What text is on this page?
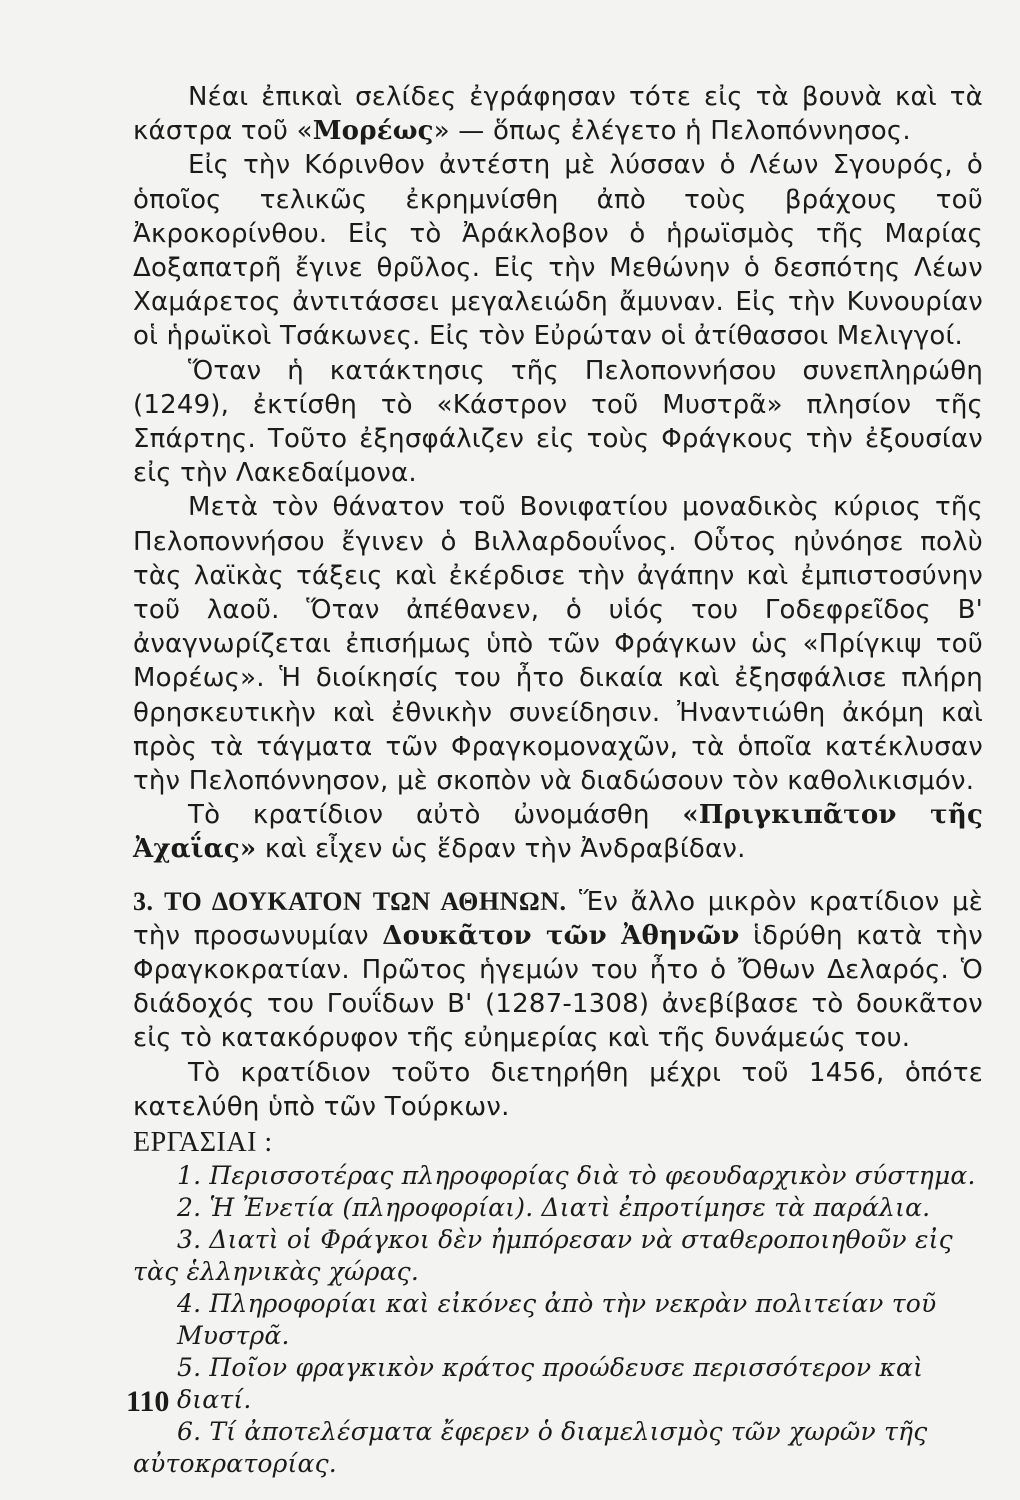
Νέαι ἐπικαὶ σελίδες ἐγράφησαν τότε εἰς τὰ βουνὰ καὶ τὰ κάστρα τοῦ «Μορέως» — ὅπως ἐλέγετο ἡ Πελοπόννησος.

Εἰς τὴν Κόρινθον ἀντέστη μὲ λύσσαν ὁ Λέων Σγουρός, ὁ ὁποῖος τελικῶς ἐκρημνίσθη ἀπὸ τοὺς βράχους τοῦ Ἀκροκορίνθου. Εἰς τὸ Ἀράκλοβον ὁ ἡρωϊσμὸς τῆς Μαρίας Δοξαπατρῆ ἔγινε θρῦλος. Εἰς τὴν Μεθώνην ὁ δεσπότης Λέων Χαμάρετος ἀντιτάσσει μεγαλειώδη ἄμυναν. Εἰς τὴν Κυνουρίαν οἱ ἡρωϊκοὶ Τσάκωνες. Εἰς τὸν Εὐρώταν οἱ ἀτίθασσοι Μελιγγοί.

Ὅταν ἡ κατάκτησις τῆς Πελοποννήσου συνεπληρώθη (1249), ἐκτίσθη τὸ «Κάστρον τοῦ Μυστρᾶ» πλησίον τῆς Σπάρτης. Τοῦτο ἐξησφάλιζεν εἰς τοὺς Φράγκους τὴν ἐξουσίαν εἰς τὴν Λακεδαίμονα.

Μετὰ τὸν θάνατον τοῦ Βονιφατίου μοναδικὸς κύριος τῆς Πελοποννήσου ἔγινεν ὁ Βιλλαρδουΐνος. Οὗτος ηὐνόησε πολὺ τὰς λαϊκὰς τάξεις καὶ ἐκέρδισε τὴν ἀγάπην καὶ ἐμπιστοσύνην τοῦ λαοῦ. Ὅταν ἀπέθανεν, ὁ υἱός του Γοδεφρεῖδος Β' ἀναγνωρίζεται ἐπισήμως ὑπὸ τῶν Φράγκων ὡς «Πρίγκιψ τοῦ Μορέως». Ἡ διοίκησίς του ἦτο δικαία καὶ ἐξησφάλισε πλήρη θρησκευτικὴν καὶ ἐθνικὴν συνείδησιν. Ἠναντιώθη ἀκόμη καὶ πρὸς τὰ τάγματα τῶν Φραγκομοναχῶν, τὰ ὁποῖα κατέκλυσαν τὴν Πελοπόννησον, μὲ σκοπὸν νὰ διαδώσουν τὸν καθολικισμόν.

Τὸ κρατίδιον αὐτὸ ὠνομάσθη «Πριγκιπᾶτον τῆς Ἀχαΐας» καὶ εἶχεν ὡς ἕδραν τὴν Ἀνδραβίδαν.

3. ΤΟ ΔΟΥΚΑΤΟΝ ΤΩΝ ΑΘΗΝΩΝ. Ἕν ἄλλο μικρὸν κρατίδιον μὲ τὴν προσωνυμίαν Δουκᾶτον τῶν Ἀθηνῶν ἱδρύθη κατὰ τὴν Φραγκοκρατίαν. Πρῶτος ἡγεμών του ἦτο ὁ Ὄθων Δελαρός. Ὁ διάδοχός του Γουΐδων Β' (1287-1308) ἀνεβίβασε τὸ δουκᾶτον εἰς τὸ κατακόρυφον τῆς εὐημερίας καὶ τῆς δυνάμεώς του.

Τὸ κρατίδιον τοῦτο διετηρήθη μέχρι τοῦ 1456, ὁπότε κατελύθη ὑπὸ τῶν Τούρκων.

ΕΡΓΑΣΙΑΙ :

1. Περισσοτέρας πληροφορίας διὰ τὸ φεουδαρχικὸν σύστημα.

2. Ἡ Ἐνετία (πληροφορίαι). Διατὶ ἐπροτίμησε τὰ παράλια.

3. Διατὶ οἱ Φράγκοι δὲν ἠμπόρεσαν νὰ σταθεροποιηθοῦν εἰς τὰς ἑλληνικὰς χώρας.

4. Πληροφορίαι καὶ εἰκόνες ἀπὸ τὴν νεκρὰν πολιτείαν τοῦ Μυστρᾶ.

5. Ποῖον φραγκικὸν κράτος προώδευσε περισσότερον καὶ διατί.

6. Τί ἀποτελέσματα ἔφερεν ὁ διαμελισμὸς τῶν χωρῶν τῆς αὐτοκρατορίας.

110
